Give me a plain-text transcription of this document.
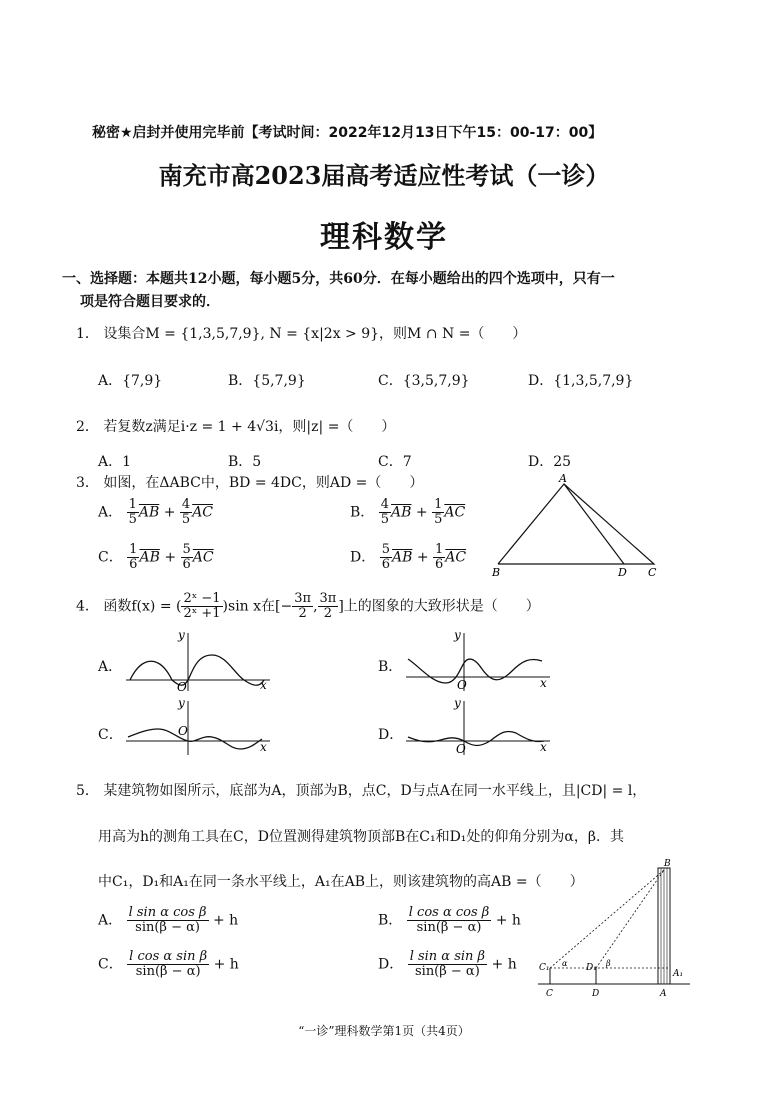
秘密★启封并使用完毕前【考试时间：2022年12月13日下午15：00-17：00】
南充市高2023届高考适应性考试（一诊）
理科数学
一、选择题：本题共12小题，每小题5分，共60分．在每小题给出的四个选项中，只有一
项是符合题目要求的．
1． 设集合M = {1,3,5,7,9}, N = {x|2x > 9}，则M ∩ N =（　　）
A．{7,9}	B．{5,7,9}	C．{3,5,7,9}	D．{1,3,5,7,9}
2． 若复数z满足i·z = 1 + 4√3i，则|z| =（　　）
A．1	B．5	C．7	D．25
3． 如图，在ΔABC中，BD = 4DC，则AD =（　　）
A． $\frac{1}{5} \overline{AB} + \frac{4}{5} \overline{AC}$	B． $\frac{4}{5} \overline{AB} + \frac{1}{5} \overline{AC}$
C． $\frac{1}{6} \overline{AB} + \frac{5}{6} \overline{AC}$	D． $\frac{5}{6} \overline{AB} + \frac{1}{6} \overline{AC}$
A
B	D C
4． 函数f(x) = ( $\frac{\text{2ˣ −1}}{\text{2ˣ +1}} )\sin$ x在[− $\frac{3\pi}{2}$ , $\frac{3\pi}{2}$ ]上的图象的大致形状是（　　）
A．	B．
C．	D．
x
y
O	x
y
O
x
y
O
x
y
O
5． 某建筑物如图所示，底部为A，顶部为B，点C，D与点A在同一水平线上，且|CD| = l，
用高为h的测角工具在C，D位置测得建筑物顶部B在C₁和D₁处的仰角分别为α，β．其
中C₁，D₁和A₁在同一条水平线上，A₁在AB上，则该建筑物的高AB =（　　）
A． $\frac{\text{l sin α cos β}}{\sin(\beta - \alpha)} + h$	B． $\frac{\text{l cos α cos β}}{\sin(\beta - \alpha)} + h$
C． $\frac{\text{l cos α sin β}}{\sin(\beta - \alpha)} + h$	D． $\frac{\text{l sin α sin β}}{\sin(\beta - \alpha)} + h$
B
C₁ α D₁ β
A₁
C	D	A
“一诊”理科数学第1页（共4页）
